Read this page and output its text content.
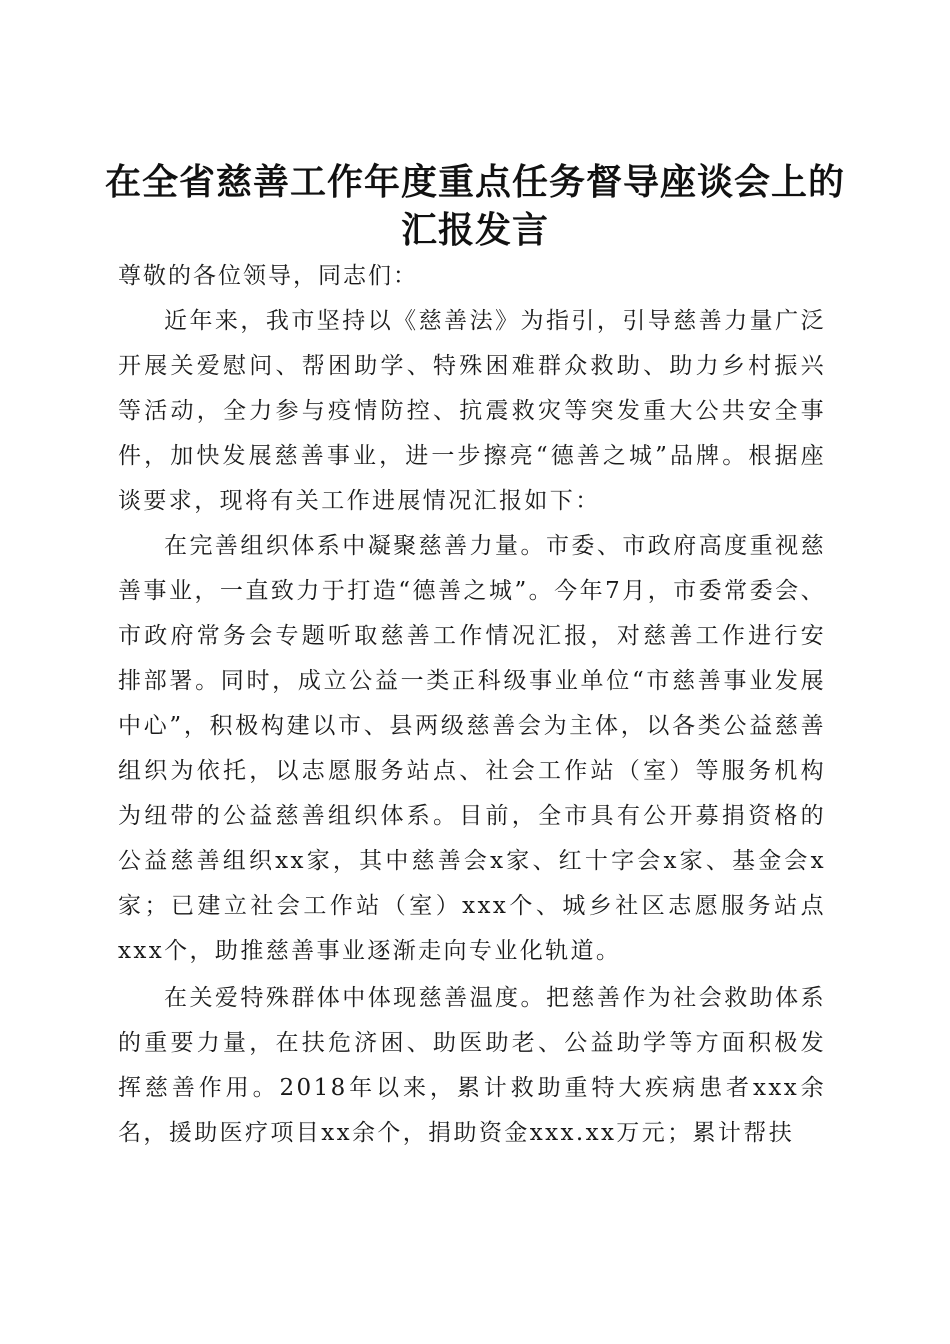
在全省慈善工作年度重点任务督导座谈会上的
汇报发言
尊敬的各位领导，同志们：

近年来，我市坚持以《慈善法》为指引，引导慈善力量广泛开展关爱慰问、帮困助学、特殊困难群众救助、助力乡村振兴等活动，全力参与疫情防控、抗震救灾等突发重大公共安全事件，加快发展慈善事业，进一步擦亮“德善之城”品牌。根据座谈要求，现将有关工作进展情况汇报如下：

在完善组织体系中凝聚慈善力量。市委、市政府高度重视慈善事业，一直致力于打造“德善之城”。今年7月，市委常委会、市政府常务会专题听取慈善工作情况汇报，对慈善工作进行安排部署。同时，成立公益一类正科级事业单位“市慈善事业发展中心”，积极构建以市、县两级慈善会为主体，以各类公益慈善组织为依托，以志愿服务站点、社会工作站（室）等服务机构为纽带的公益慈善组织体系。目前，全市具有公开募捐资格的公益慈善组织xx家，其中慈善会x家、红十字会x家、基金会x家；已建立社会工作站（室）xxx个、城乡社区志愿服务站点xxx个，助推慈善事业逐渐走向专业化轨道。

在关爱特殊群体中体现慈善温度。把慈善作为社会救助体系的重要力量，在扶危济困、助医助老、公益助学等方面积极发挥慈善作用。2018年以来，累计救助重特大疾病患者xxx余名，援助医疗项目xx余个，捐助资金xxx.xx万元；累计帮扶
